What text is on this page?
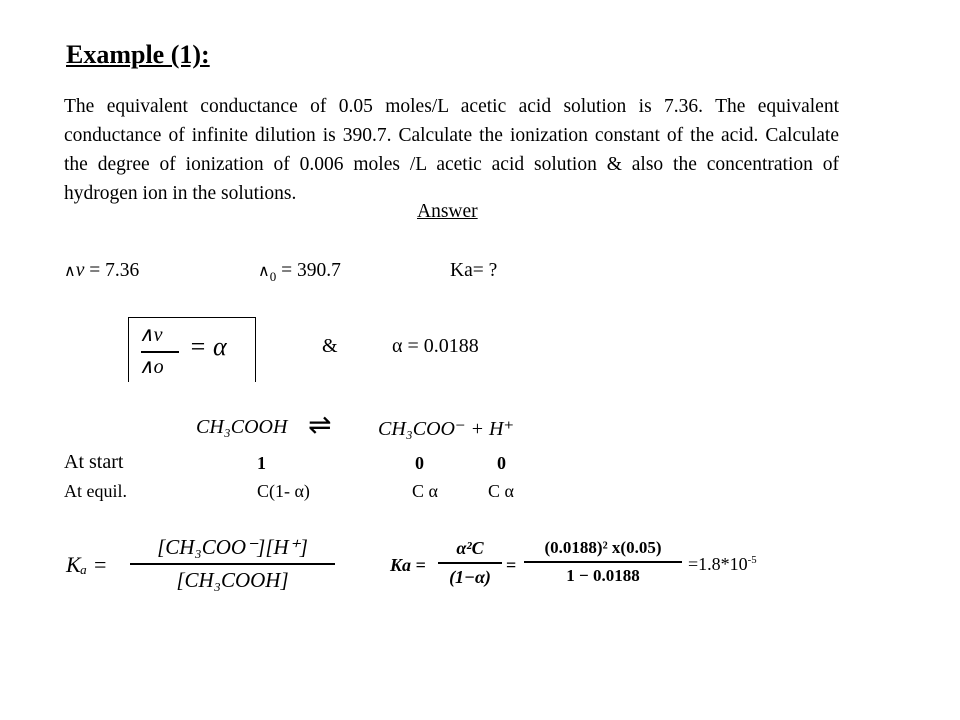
Example (1):
The equivalent conductance of 0.05 moles/L acetic acid solution is 7.36. The equivalent conductance of infinite dilution is 390.7. Calculate the ionization constant of the acid. Calculate the degree of ionization of 0.006 moles /L acetic acid solution & also the concentration of hydrogen ion in the solutions.
Answer
∧v = 7.36	$\wedge_0 = 390.7$	Ka= ?
∧v
∧o
= α	&	α = 0.0188
CH₃COOH ⇌ CH₃COO⁻ + H⁺
At start	1	0	0
At equil.	C(1- α)	C α	C α
Kₐ =
[CH₃COO⁻][H⁺]
[CH₃COOH]
Ka =
α²C
(1−α)
=
(0.0188)² x(0.05)
1 − 0.0188
$=1.8*10^{-5}$
